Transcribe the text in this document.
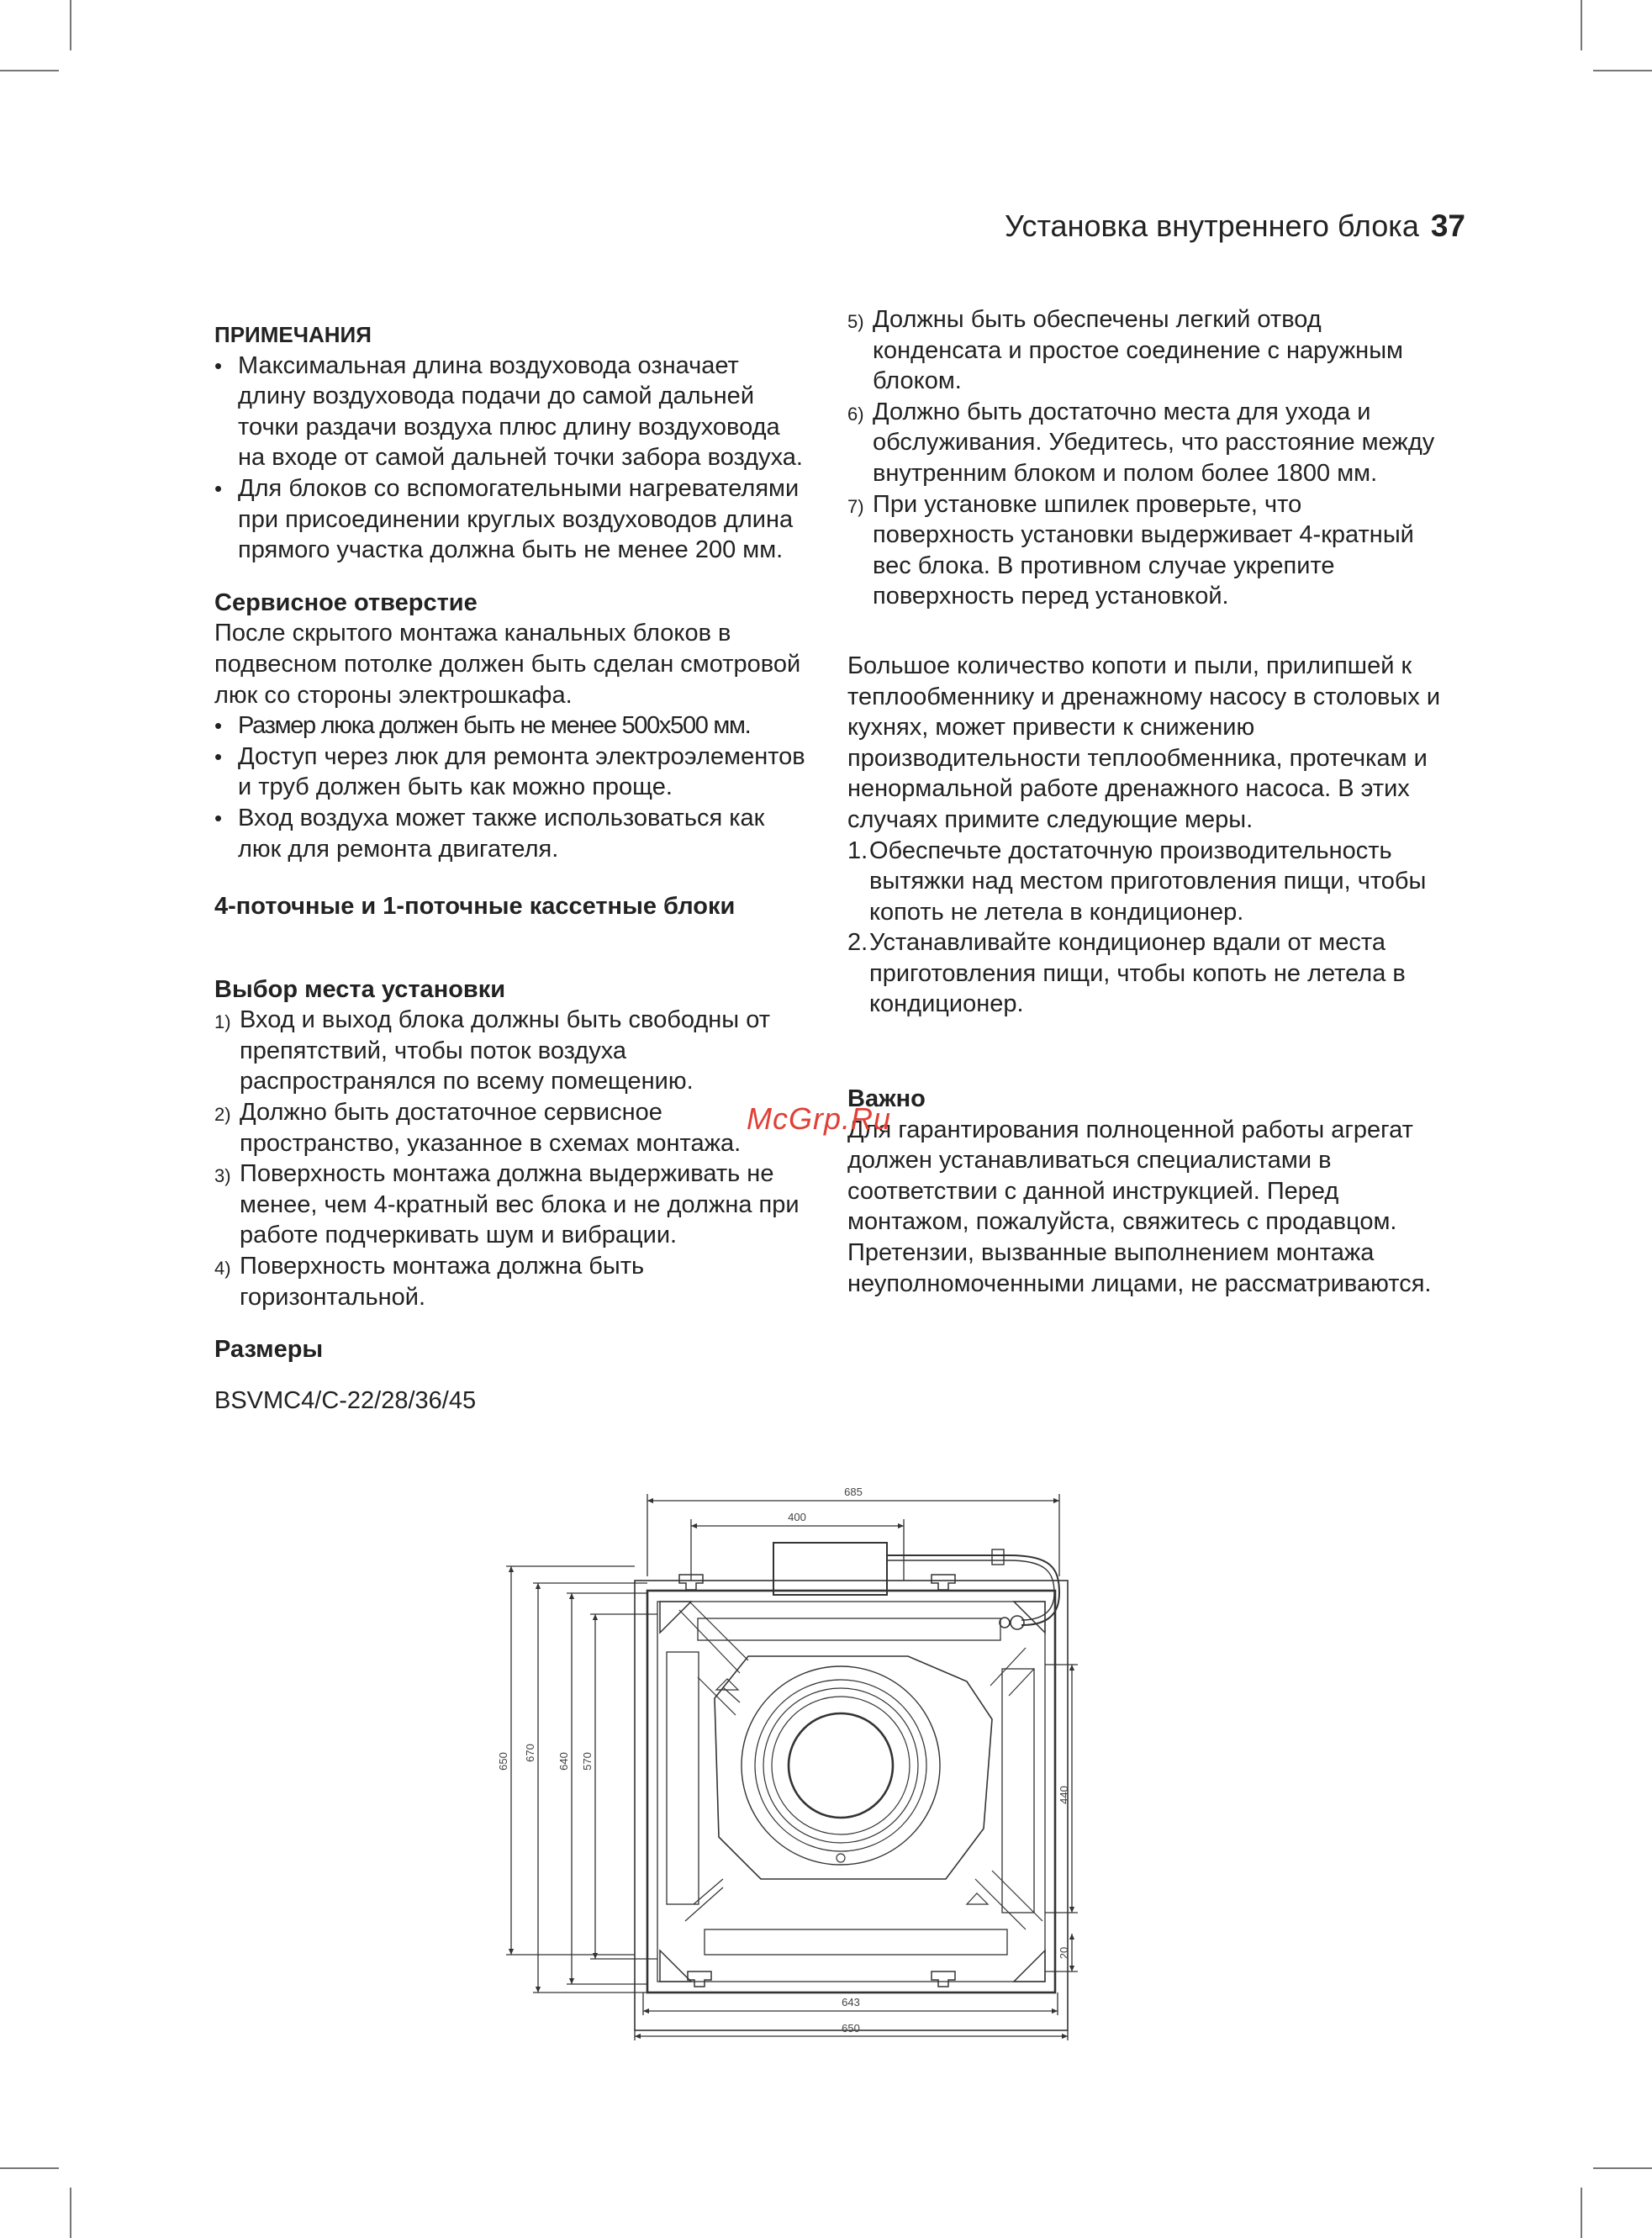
Установка внутреннего блока 37

ПРИМЕЧАНИЯ

• Максимальная длина воздуховода означает длину воздуховода подачи до самой дальней точки раздачи воздуха плюс длину воздуховода на входе от самой дальней точки забора воздуха.
• Для блоков со вспомогательными нагревателями при присоединении круглых воздуховодов длина прямого участка должна быть не менее 200 мм.

Сервисное отверстие

После скрытого монтажа канальных блоков в подвесном потолке должен быть сделан смотровой люк со стороны электрошкафа.

• Размер люка должен быть не менее 500х500 мм.
• Доступ через люк для ремонта электроэлементов и труб должен быть как можно проще.
• Вход воздуха может также использоваться как люк для ремонта двигателя.

4-поточные и 1-поточные кассетные блоки

Выбор места установки

1) Вход и выход блока должны быть свободны от препятствий, чтобы поток воздуха распространялся по всему помещению.
2) Должно быть достаточное сервисное пространство, указанное в схемах монтажа.
3) Поверхность монтажа должна выдерживать не менее, чем 4-кратный вес блока и не должна при работе подчеркивать шум и вибрации.
4) Поверхность монтажа должна быть горизонтальной.

Размеры

BSVMC4/C-22/28/36/45

5) Должны быть обеспечены легкий отвод конденсата и простое соединение с наружным блоком.
6) Должно быть достаточно места для ухода и обслуживания. Убедитесь, что расстояние между внутренним блоком и полом более 1800 мм.
7) При установке шпилек проверьте, что поверхность установки выдерживает 4-кратный вес блока. В противном случае укрепите поверхность перед установкой.

Большое количество копоти и пыли, прилипшей к теплообменнику и дренажному насосу в столовых и кухнях, может привести к снижению производительности теплообменника, протечкам и ненормальной работе дренажного насоса. В этих случаях примите следующие меры.

1. Обеспечьте достаточную производительность вытяжки над местом приготовления пищи, чтобы копоть не летела в кондиционер.
2. Устанавливайте кондиционер вдали от места приготовления пищи, чтобы копоть не летела в кондиционер.

Важно

Для гарантирования полноценной работы агрегат должен устанавливаться специалистами в соответствии с данной инструкцией. Перед монтажом, пожалуйста, свяжитесь с продавцом. Претензии, вызванные выполнением монтажа неуполномоченными лицами, не рассматриваются.

McGrp.Ru
685
400
643
650
650 670 640 570
440
20
